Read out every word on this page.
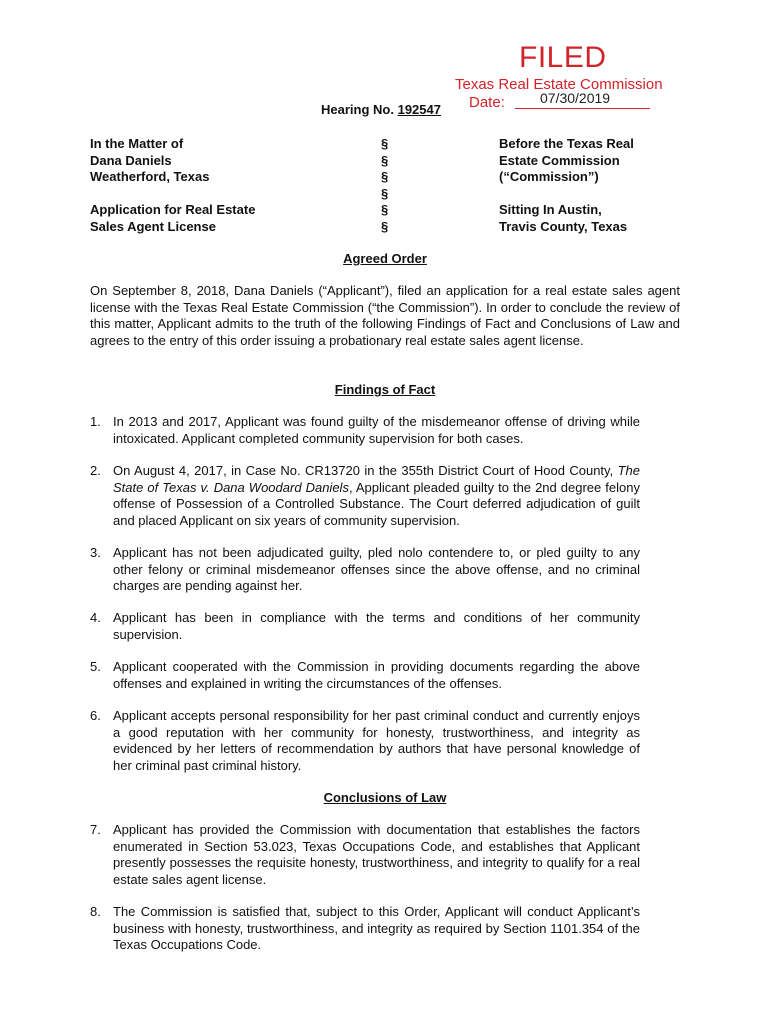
FILED
Texas Real Estate Commission
Date:	07/30/2019
Hearing No. 192547
In the Matter of
Dana Daniels
Weatherford, Texas
Application for Real Estate
Sales Agent License
§
§
§
§
§
§
Before the Texas Real
Estate Commission
(“Commission”)
Sitting In Austin,
Travis County, Texas
Agreed Order
On September 8, 2018, Dana Daniels (“Applicant”), filed an application for a real estate sales agent license with the Texas Real Estate Commission (“the Commission”). In order to conclude the review of this matter, Applicant admits to the truth of the following Findings of Fact and Conclusions of Law and agrees to the entry of this order issuing a probationary real estate sales agent license.
Findings of Fact
1. In 2013 and 2017, Applicant was found guilty of the misdemeanor offense of driving while intoxicated. Applicant completed community supervision for both cases.
2. On August 4, 2017, in Case No. CR13720 in the 355th District Court of Hood County, The State of Texas v. Dana Woodard Daniels, Applicant pleaded guilty to the 2nd degree felony offense of Possession of a Controlled Substance. The Court deferred adjudication of guilt and placed Applicant on six years of community supervision.
3. Applicant has not been adjudicated guilty, pled nolo contendere to, or pled guilty to any other felony or criminal misdemeanor offenses since the above offense, and no criminal charges are pending against her.
4. Applicant has been in compliance with the terms and conditions of her community supervision.
5. Applicant cooperated with the Commission in providing documents regarding the above offenses and explained in writing the circumstances of the offenses.
6. Applicant accepts personal responsibility for her past criminal conduct and currently enjoys a good reputation with her community for honesty, trustworthiness, and integrity as evidenced by her letters of recommendation by authors that have personal knowledge of her criminal past criminal history.
Conclusions of Law
7. Applicant has provided the Commission with documentation that establishes the factors enumerated in Section 53.023, Texas Occupations Code, and establishes that Applicant presently possesses the requisite honesty, trustworthiness, and integrity to qualify for a real estate sales agent license.
8. The Commission is satisfied that, subject to this Order, Applicant will conduct Applicant’s business with honesty, trustworthiness, and integrity as required by Section 1101.354 of the Texas Occupations Code.
